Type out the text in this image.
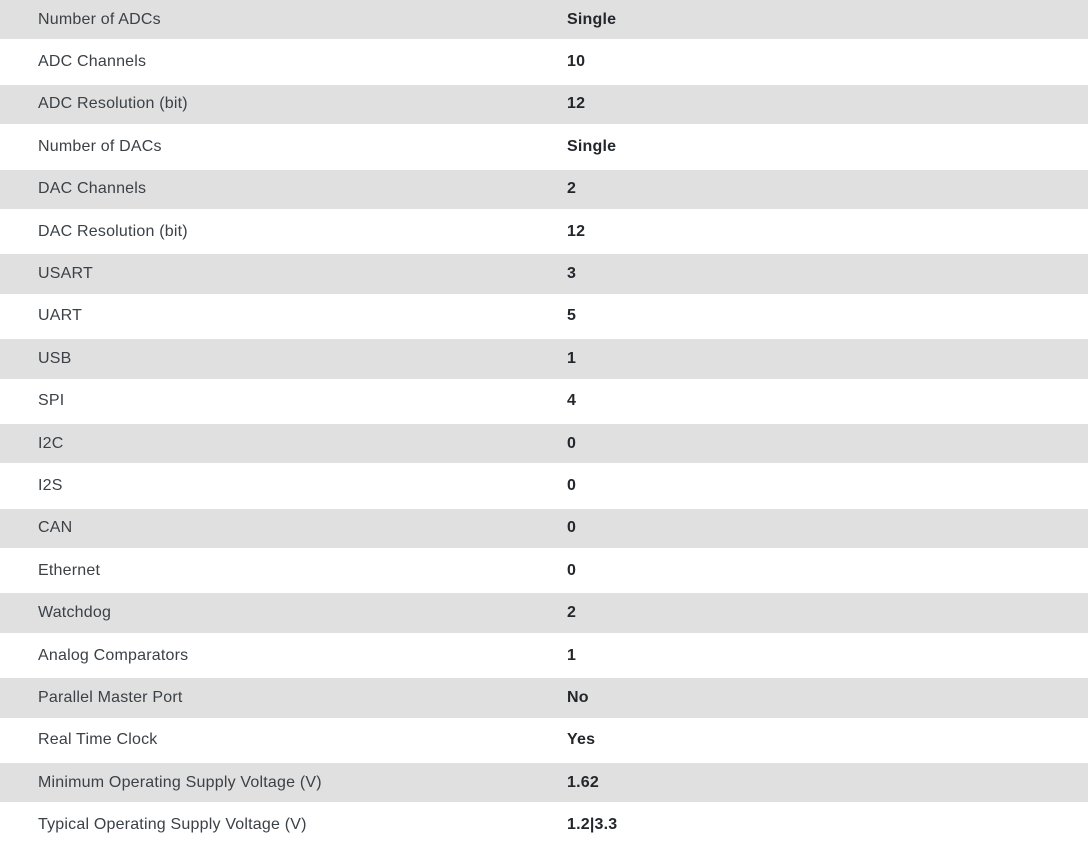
Number of ADCs	Single
ADC Channels	10
ADC Resolution (bit)	12
Number of DACs	Single
DAC Channels	2
DAC Resolution (bit)	12
USART	3
UART	5
USB	1
SPI	4
I2C	0
I2S	0
CAN	0
Ethernet	0
Watchdog	2
Analog Comparators	1
Parallel Master Port	No
Real Time Clock	Yes
Minimum Operating Supply Voltage (V)	1.62
Typical Operating Supply Voltage (V)	1.2|3.3
